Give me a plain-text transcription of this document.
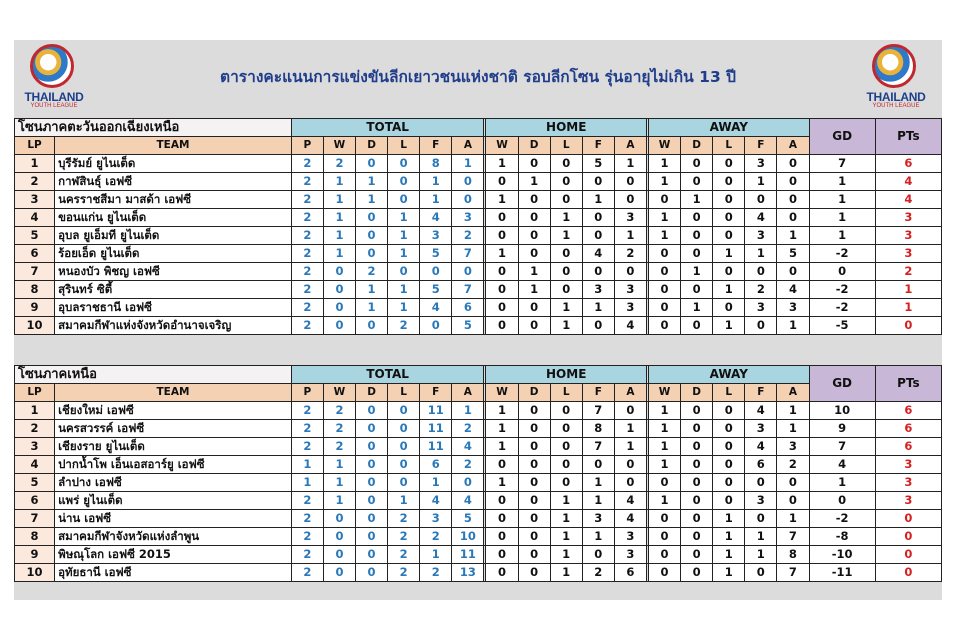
THAILAND
YOUTH LEAGUE
ตารางคะแนนการแข่งขันลีกเยาวชนแห่งชาติ รอบลีกโซน รุ่นอายุไม่เกิน 13 ปี
THAILAND
YOUTH LEAGUE
โซนภาคตะวันออกเฉียงเหนือ		TOTAL							HOME						AWAY					GD	PTs
LP	TEAM	P	W	D	L	F	A		W	D	L	F	A		W	D	L	F	A		
1	บุรีรัมย์ ยูไนเต็ด	2	2	0	0	8	1		1	0	0	5	1		1	0	0	3	0	7	6
2	กาฬสินธุ์ เอฟซี	2	1	1	0	1	0		0	1	0	0	0		1	0	0	1	0	1	4
3	นครราชสีมา มาสด้า เอฟซี	2	1	1	0	1	0		1	0	0	1	0		0	1	0	0	0	1	4
4	ขอนแก่น ยูไนเต็ด	2	1	0	1	4	3		0	0	1	0	3		1	0	0	4	0	1	3
5	อุบล ยูเอ็มที ยูไนเต็ด	2	1	0	1	3	2		0	0	1	0	1		1	0	0	3	1	1	3
6	ร้อยเอ็ด ยูไนเต็ด	2	1	0	1	5	7		1	0	0	4	2		0	0	1	1	5	-2	3
7	หนองบัว พิชญ เอฟซี	2	0	2	0	0	0		0	1	0	0	0		0	1	0	0	0	0	2
8	สุรินทร์ ซิตี้	2	0	1	1	5	7		0	1	0	3	3		0	0	1	2	4	-2	1
9	อุบลราชธานี เอฟซี	2	0	1	1	4	6		0	0	1	1	3		0	1	0	3	3	-2	1
10	สมาคมกีฬาแห่งจังหวัดอำนาจเจริญ	2	0	0	2	0	5		0	0	1	0	4		0	0	1	0	1	-5	0
โซนภาคเหนือ		TOTAL							HOME						AWAY					GD	PTs
LP	TEAM	P	W	D	L	F	A		W	D	L	F	A		W	D	L	F	A		
1	เชียงใหม่ เอฟซี	2	2	0	0	11	1		1	0	0	7	0		1	0	0	4	1	10	6
2	นครสวรรค์ เอฟซี	2	2	0	0	11	2		1	0	0	8	1		1	0	0	3	1	9	6
3	เชียงราย ยูไนเต็ด	2	2	0	0	11	4		1	0	0	7	1		1	0	0	4	3	7	6
4	ปากน้ำโพ เอ็นเอสอาร์ยู เอฟซี	1	1	0	0	6	2		0	0	0	0	0		1	0	0	6	2	4	3
5	ลำปาง เอฟซี	1	1	0	0	1	0		1	0	0	1	0		0	0	0	0	0	1	3
6	แพร่ ยูไนเต็ด	2	1	0	1	4	4		0	0	1	1	4		1	0	0	3	0	0	3
7	น่าน เอฟซี	2	0	0	2	3	5		0	0	1	3	4		0	0	1	0	1	-2	0
8	สมาคมกีฬาจังหวัดแห่งลำพูน	2	0	0	2	2	10		0	0	1	1	3		0	0	1	1	7	-8	0
9	พิษณุโลก เอฟซี 2015	2	0	0	2	1	11		0	0	1	0	3		0	0	1	1	8	-10	0
10	อุทัยธานี เอฟซี	2	0	0	2	2	13		0	0	1	2	6		0	0	1	0	7	-11	0
